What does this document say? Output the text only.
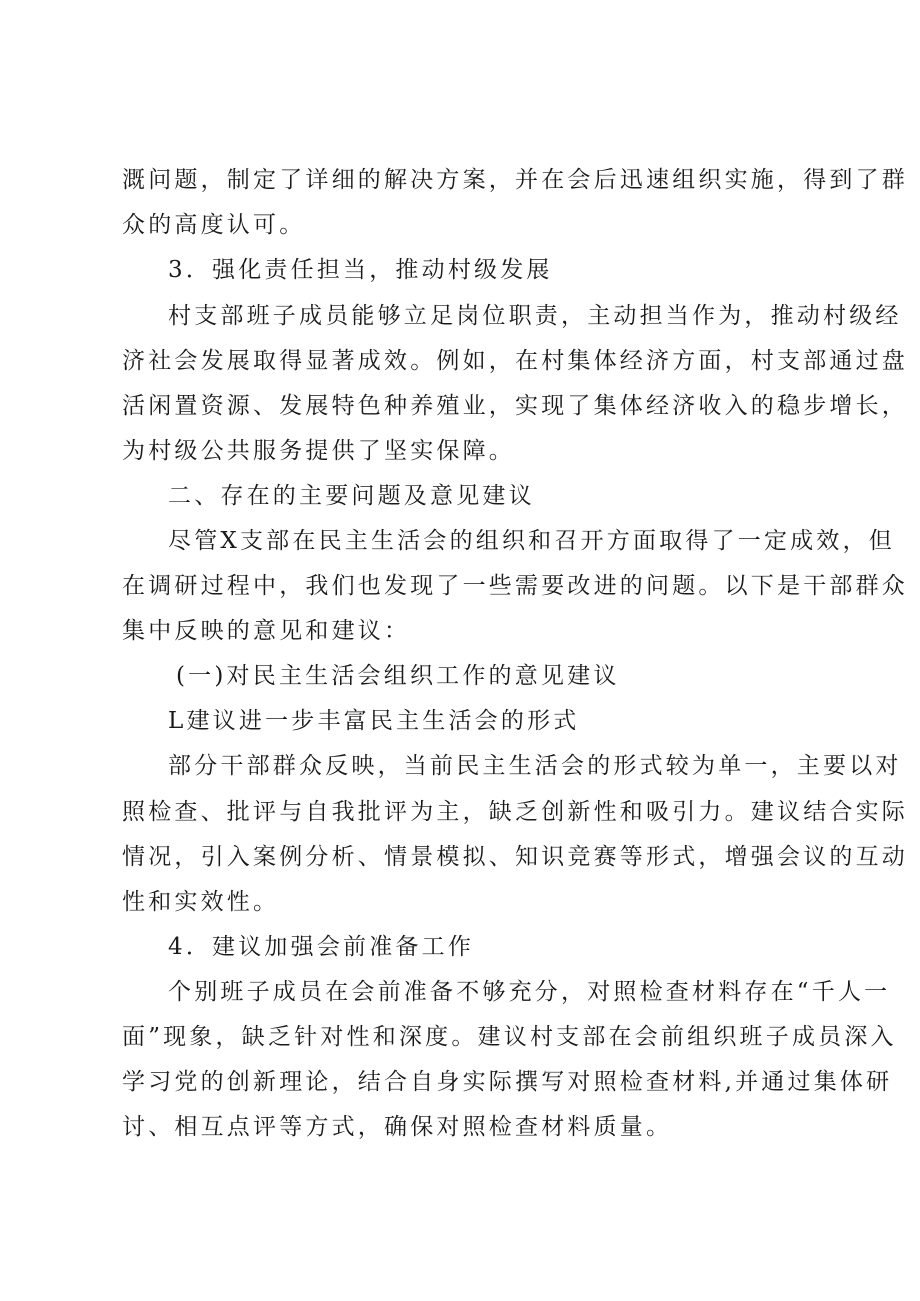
溉问题，制定了详细的解决方案，并在会后迅速组织实施，得到了群
众的高度认可。
3．强化责任担当，推动村级发展
村支部班子成员能够立足岗位职责，主动担当作为，推动村级经
济社会发展取得显著成效。例如，在村集体经济方面，村支部通过盘
活闲置资源、发展特色种养殖业，实现了集体经济收入的稳步增长，
为村级公共服务提供了坚实保障。
二、存在的主要问题及意见建议
尽管X支部在民主生活会的组织和召开方面取得了一定成效，但
在调研过程中，我们也发现了一些需要改进的问题。以下是干部群众
集中反映的意见和建议：
(一)对民主生活会组织工作的意见建议
L建议进一步丰富民主生活会的形式
部分干部群众反映，当前民主生活会的形式较为单一，主要以对
照检查、批评与自我批评为主，缺乏创新性和吸引力。建议结合实际
情况，引入案例分析、情景模拟、知识竞赛等形式，增强会议的互动
性和实效性。
4．建议加强会前准备工作
个别班子成员在会前准备不够充分，对照检查材料存在“千人一
面”现象，缺乏针对性和深度。建议村支部在会前组织班子成员深入
学习党的创新理论，结合自身实际撰写对照检查材料,并通过集体研
讨、相互点评等方式，确保对照检查材料质量。
